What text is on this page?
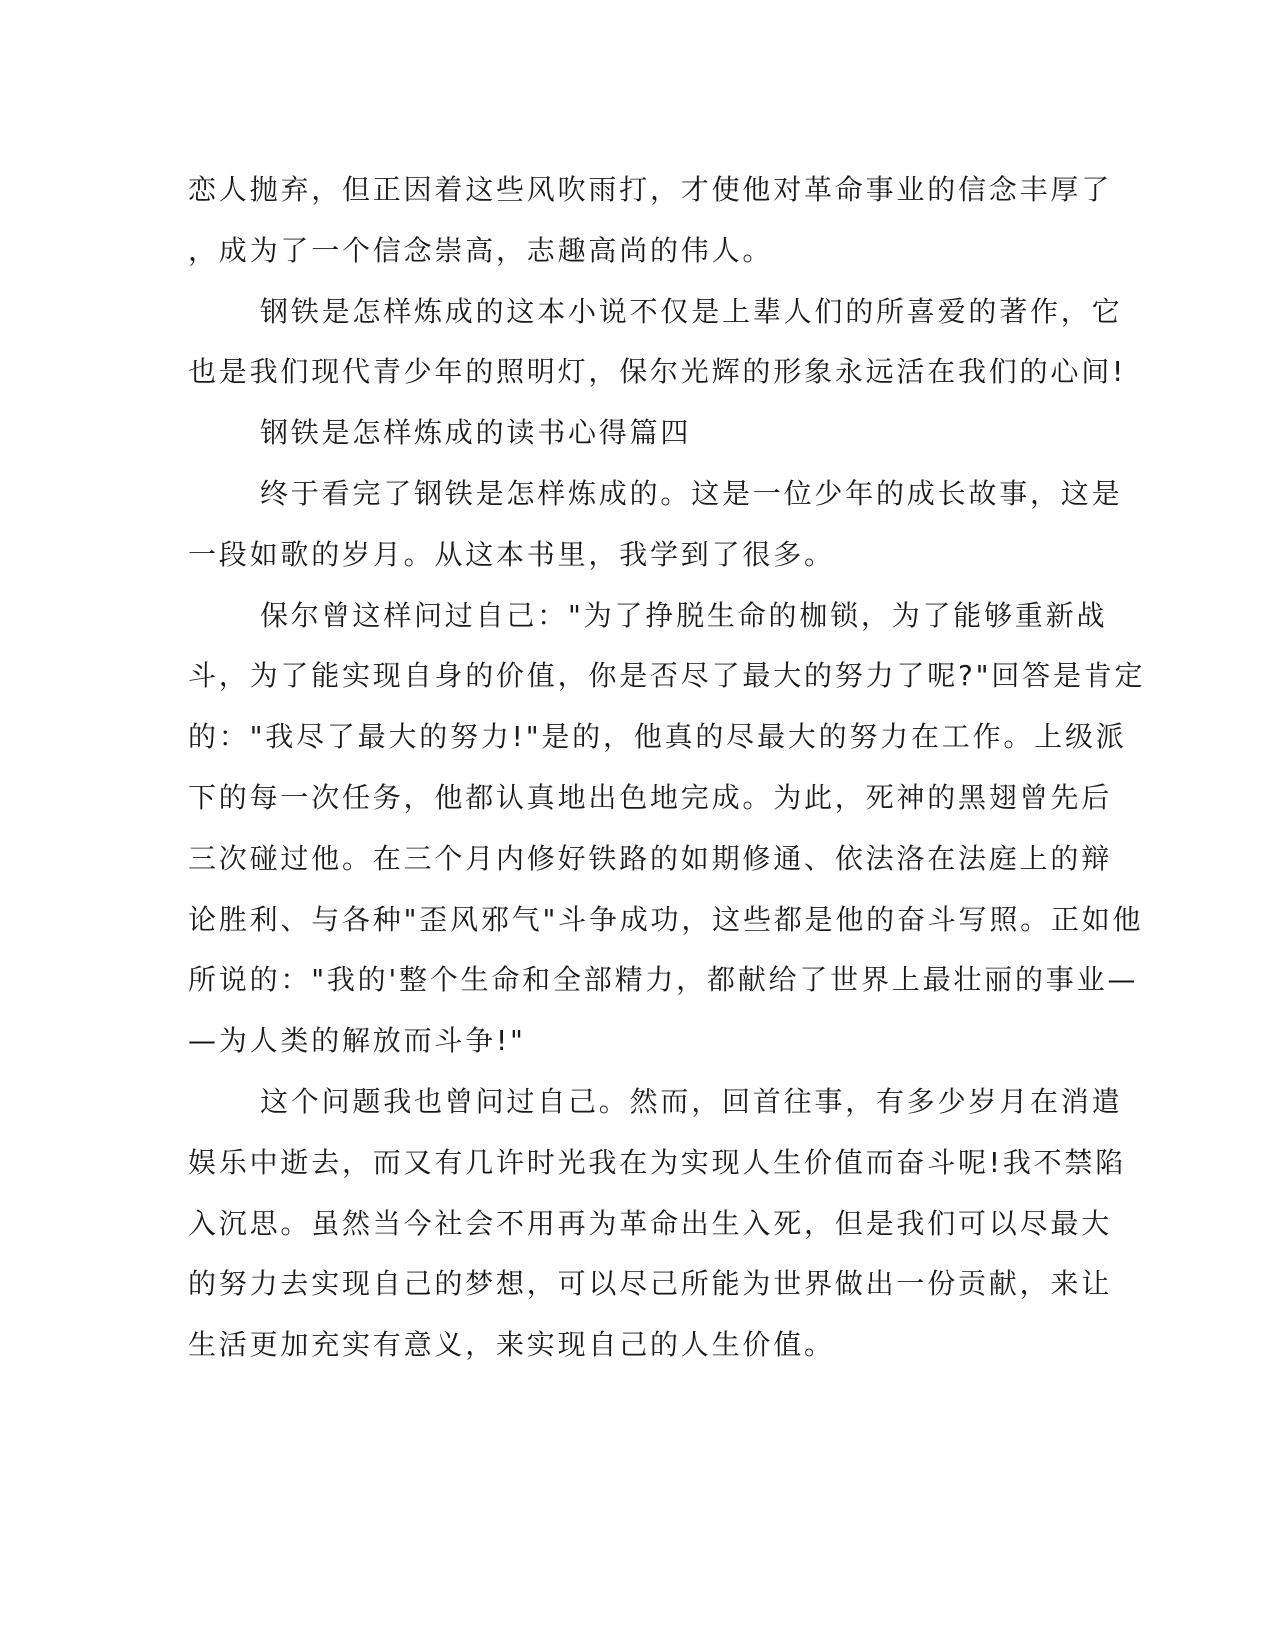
恋人抛弃，但正因着这些风吹雨打，才使他对革命事业的信念丰厚了
，成为了一个信念崇高，志趣高尚的伟人。
钢铁是怎样炼成的这本小说不仅是上辈人们的所喜爱的著作，它
也是我们现代青少年的照明灯，保尔光辉的形象永远活在我们的心间!
钢铁是怎样炼成的读书心得篇四
终于看完了钢铁是怎样炼成的。这是一位少年的成长故事，这是
一段如歌的岁月。从这本书里，我学到了很多。
保尔曾这样问过自己："为了挣脱生命的枷锁，为了能够重新战
斗，为了能实现自身的价值，你是否尽了最大的努力了呢?"回答是肯定
的："我尽了最大的努力!"是的，他真的尽最大的努力在工作。上级派
下的每一次任务，他都认真地出色地完成。为此，死神的黑翅曾先后
三次碰过他。在三个月内修好铁路的如期修通、依法洛在法庭上的辩
论胜利、与各种"歪风邪气"斗争成功，这些都是他的奋斗写照。正如他
所说的："我的'整个生命和全部精力，都献给了世界上最壮丽的事业—
—为人类的解放而斗争!"
这个问题我也曾问过自己。然而，回首往事，有多少岁月在消遣
娱乐中逝去，而又有几许时光我在为实现人生价值而奋斗呢!我不禁陷
入沉思。虽然当今社会不用再为革命出生入死，但是我们可以尽最大
的努力去实现自己的梦想，可以尽己所能为世界做出一份贡献，来让
生活更加充实有意义，来实现自己的人生价值。
